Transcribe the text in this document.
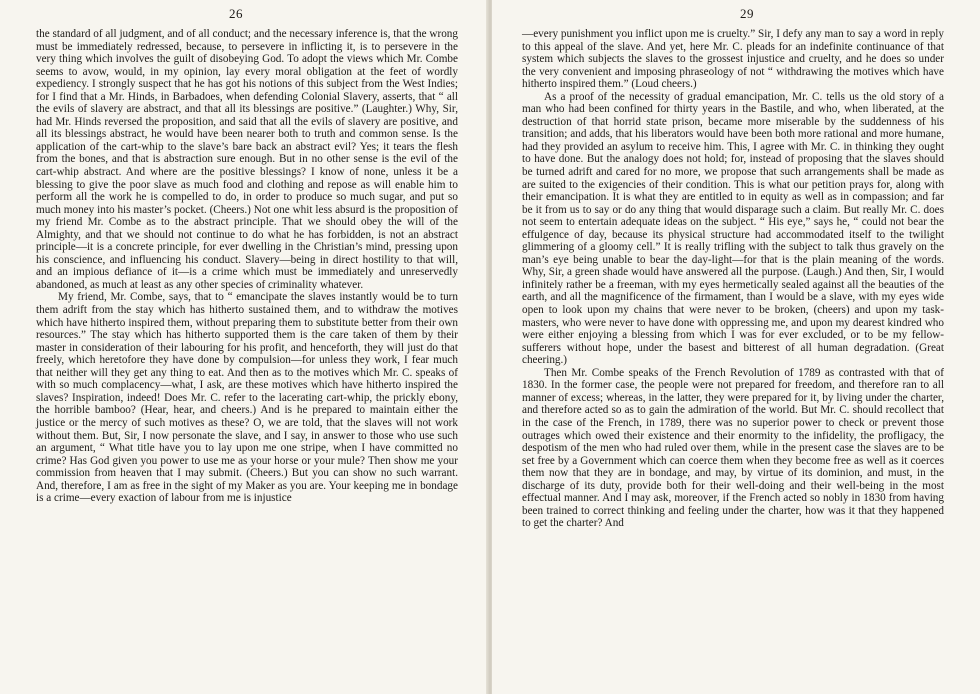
26

the standard of all judgment, and of all conduct; and the necessary inference is, that the wrong must be immediately redressed, because, to persevere in inflicting it, is to persevere in the very thing which involves the guilt of disobeying God. To adopt the views which Mr. Combe seems to avow, would, in my opinion, lay every moral obligation at the feet of wordly expediency. I strongly suspect that he has got his notions of this subject from the West Indies; for I find that a Mr. Hinds, in Barbadoes, when defending Colonial Slavery, asserts, that “ all the evils of slavery are abstract, and that all its blessings are positive.” (Laughter.) Why, Sir, had Mr. Hinds reversed the proposition, and said that all the evils of slavery are positive, and all its blessings abstract, he would have been nearer both to truth and common sense. Is the application of the cart-whip to the slave’s bare back an abstract evil? Yes; it tears the flesh from the bones, and that is abstraction sure enough. But in no other sense is the evil of the cart-whip abstract. And where are the positive blessings? I know of none, unless it be a blessing to give the poor slave as much food and clothing and repose as will enable him to perform all the work he is compelled to do, in order to produce so much sugar, and put so much money into his master’s pocket. (Cheers.) Not one whit less absurd is the proposition of my friend Mr. Combe as to the abstract principle. That we should obey the will of the Almighty, and that we should not continue to do what he has forbidden, is not an abstract principle—it is a concrete principle, for ever dwelling in the Christian’s mind, pressing upon his conscience, and influencing his conduct. Slavery—being in direct hostility to that will, and an impious defiance of it—is a crime which must be immediately and unreservedly abandoned, as much at least as any other species of criminality whatever.

My friend, Mr. Combe, says, that to “ emancipate the slaves instantly would be to turn them adrift from the stay which has hitherto sustained them, and to withdraw the motives which have hitherto inspired them, without preparing them to substitute better from their own resources.” The stay which has hitherto supported them is the care taken of them by their master in consideration of their labouring for his profit, and henceforth, they will just do that freely, which heretofore they have done by compulsion—for unless they work, I fear much that neither will they get any thing to eat. And then as to the motives which Mr. C. speaks of with so much complacency—what, I ask, are these motives which have hitherto inspired the slaves? Inspiration, indeed! Does Mr. C. refer to the lacerating cart-whip, the prickly ebony, the horrible bamboo? (Hear, hear, and cheers.) And is he prepared to maintain either the justice or the mercy of such motives as these? O, we are told, that the slaves will not work without them. But, Sir, I now personate the slave, and I say, in answer to those who use such an argument, “ What title have you to lay upon me one stripe, when I have committed no crime? Has God given you power to use me as your horse or your mule? Then show me your commission from heaven that I may submit. (Cheers.) But you can show no such warrant. And, therefore, I am as free in the sight of my Maker as you are. Your keeping me in bondage is a crime—every exaction of labour from me is injustice

29

—every punishment you inflict upon me is cruelty.” Sir, I defy any man to say a word in reply to this appeal of the slave. And yet, here Mr. C. pleads for an indefinite continuance of that system which subjects the slaves to the grossest injustice and cruelty, and he does so under the very convenient and imposing phraseology of not “ withdrawing the motives which have hitherto inspired them.” (Loud cheers.)

As a proof of the necessity of gradual emancipation, Mr. C. tells us the old story of a man who had been confined for thirty years in the Bastile, and who, when liberated, at the destruction of that horrid state prison, became more miserable by the suddenness of his transition; and adds, that his liberators would have been both more rational and more humane, had they provided an asylum to receive him. This, I agree with Mr. C. in thinking they ought to have done. But the analogy does not hold; for, instead of proposing that the slaves should be turned adrift and cared for no more, we propose that such arrangements shall be made as are suited to the exigencies of their condition. This is what our petition prays for, along with their emancipation. It is what they are entitled to in equity as well as in compassion; and far be it from us to say or do any thing that would disparage such a claim. But really Mr. C. does not seem to entertain adequate ideas on the subject. “ His eye,” says he, “ could not bear the effulgence of day, because its physical structure had accommodated itself to the twilight glimmering of a gloomy cell.” It is really trifling with the subject to talk thus gravely on the man’s eye being unable to bear the day-light—for that is the plain meaning of the words. Why, Sir, a green shade would have answered all the purpose. (Laugh.) And then, Sir, I would infinitely rather be a freeman, with my eyes hermetically sealed against all the beauties of the earth, and all the magnificence of the firmament, than I would be a slave, with my eyes wide open to look upon my chains that were never to be broken, (cheers) and upon my task-masters, who were never to have done with oppressing me, and upon my dearest kindred who were either enjoying a blessing from which I was for ever excluded, or to be my fellow-sufferers without hope, under the basest and bitterest of all human degradation. (Great cheering.)

Then Mr. Combe speaks of the French Revolution of 1789 as contrasted with that of 1830. In the former case, the people were not prepared for freedom, and therefore ran to all manner of excess; whereas, in the latter, they were prepared for it, by living under the charter, and therefore acted so as to gain the admiration of the world. But Mr. C. should recollect that in the case of the French, in 1789, there was no superior power to check or prevent those outrages which owed their existence and their enormity to the infidelity, the profligacy, the despotism of the men who had ruled over them, while in the present case the slaves are to be set free by a Government which can coerce them when they become free as well as it coerces them now that they are in bondage, and may, by virtue of its dominion, and must, in the discharge of its duty, provide both for their well-doing and their well-being in the most effectual manner. And I may ask, moreover, if the French acted so nobly in 1830 from having been trained to correct thinking and feeling under the charter, how was it that they happened to get the charter? And
